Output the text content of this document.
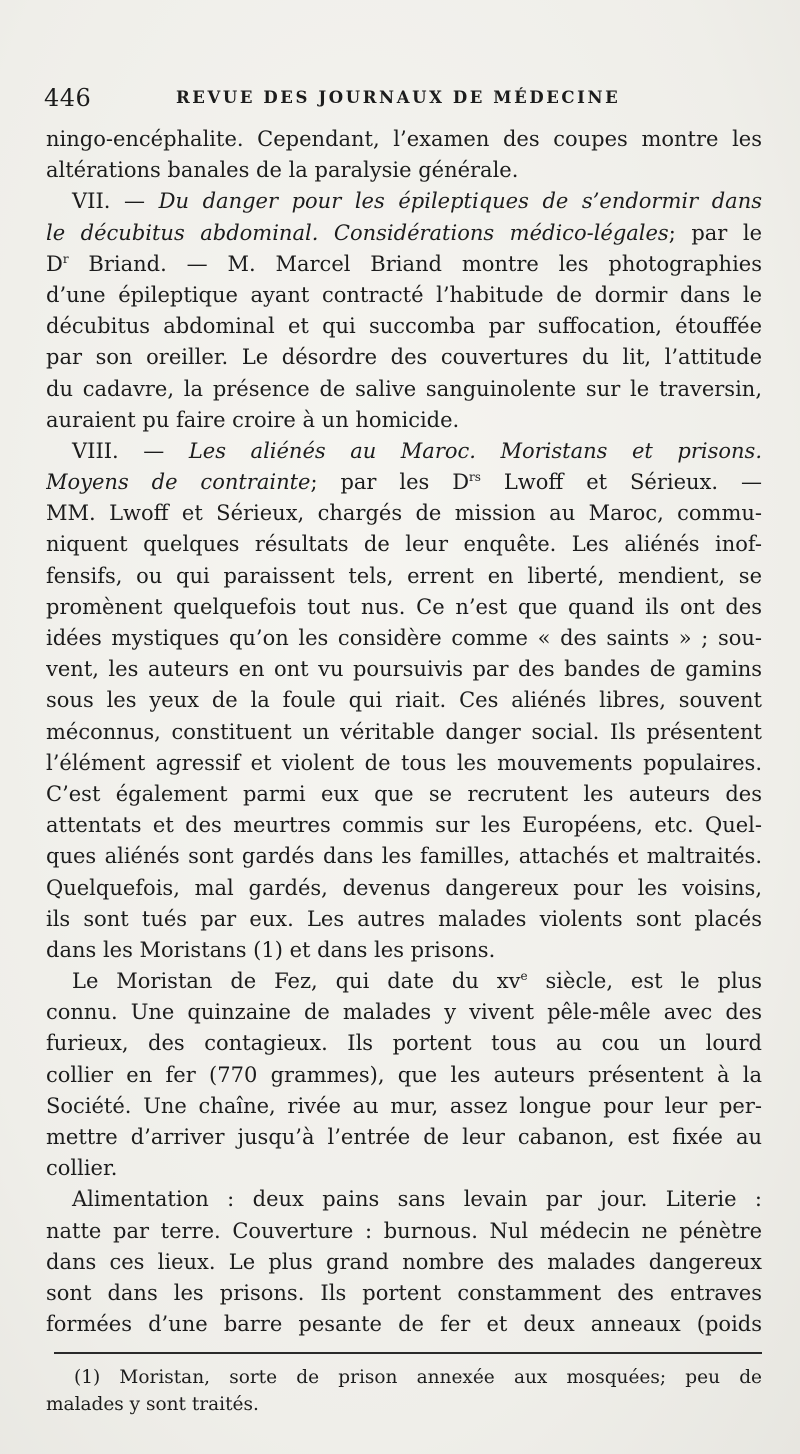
446	REVUE DES JOURNAUX DE MÉDECINE
ningo-encéphalite. Cependant, l’examen des coupes montre les
altérations banales de la paralysie générale.
VII. — Du danger pour les épileptiques de s’endormir dans
le décubitus abdominal. Considérations médico-légales; par le
$D^r$ Briand. — M. Marcel Briand montre les photographies
d’une épileptique ayant contracté l’habitude de dormir dans le
décubitus abdominal et qui succomba par suffocation, étouffée
par son oreiller. Le désordre des couvertures du lit, l’attitude
du cadavre, la présence de salive sanguinolente sur le traversin,
auraient pu faire croire à un homicide.
VIII. — Les aliénés au Maroc. Moristans et prisons.
Moyens de contrainte; par les $D^{rs}$ Lwoff et Sérieux. —
MM. Lwoff et Sérieux, chargés de mission au Maroc, commu-
niquent quelques résultats de leur enquête. Les aliénés inof-
fensifs, ou qui paraissent tels, errent en liberté, mendient, se
promènent quelquefois tout nus. Ce n’est que quand ils ont des
idées mystiques qu’on les considère comme « des saints » ; sou-
vent, les auteurs en ont vu poursuivis par des bandes de gamins
sous les yeux de la foule qui riait. Ces aliénés libres, souvent
méconnus, constituent un véritable danger social. Ils présentent
l’élément agressif et violent de tous les mouvements populaires.
C’est également parmi eux que se recrutent les auteurs des
attentats et des meurtres commis sur les Européens, etc. Quel-
ques aliénés sont gardés dans les familles, attachés et maltraités.
Quelquefois, mal gardés, devenus dangereux pour les voisins,
ils sont tués par eux. Les autres malades violents sont placés
dans les Moristans (1) et dans les prisons.
Le Moristan de Fez, qui date du $xv^e$ siècle, est le plus
connu. Une quinzaine de malades y vivent pêle-mêle avec des
furieux, des contagieux. Ils portent tous au cou un lourd
collier en fer (770 grammes), que les auteurs présentent à la
Société. Une chaîne, rivée au mur, assez longue pour leur per-
mettre d’arriver jusqu’à l’entrée de leur cabanon, est fixée au
collier.
Alimentation : deux pains sans levain par jour. Literie :
natte par terre. Couverture : burnous. Nul médecin ne pénètre
dans ces lieux. Le plus grand nombre des malades dangereux
sont dans les prisons. Ils portent constamment des entraves
formées d’une barre pesante de fer et deux anneaux (poids
(1) Moristan, sorte de prison annexée aux mosquées; peu de
malades y sont traités.
